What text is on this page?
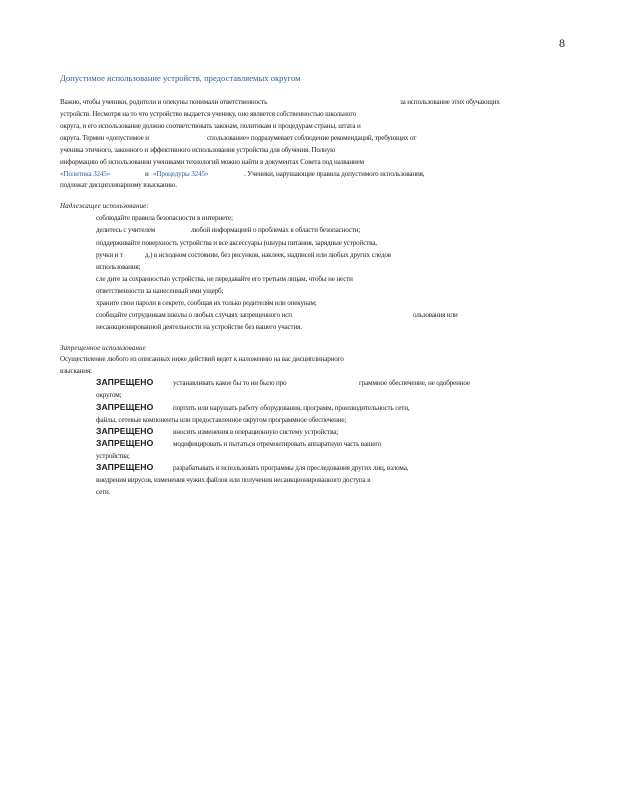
8
Допустимое использование устройств, предоставляемых округом
Важно, чтобы ученики, родители и опекуны понимали ответственность	за использование этих обучающих
устройств. Несмотря на то что устройство выдается ученику, оно является собственностью школьного
округа, и его использование должно соответствовать законам, политикам и процедурам страны, штата и
округа. Термин «допустимое и	спользование» подразумевает соблюдение рекомендаций, требующих от
ученика этичного, законного и эффективного использования устройства для обучения. Полную
информацию об использовании учениками технологий можно найти в документах Совета под названием
«Политика 3245»	и «Процедуры 3245»	. Ученики, нарушающие правила допустимого использования,
подлежат дисциплинарному взысканию.
Надлежащее использование:
соблюдайте правила безопасности в интернете;
делитесь с учителем	любой информацией о проблемах в области безопасности;
поддерживайте поверхность устройства и все аксессуары (шнуры питания, зарядные устройства,
ручки и т	д.) в исходном состоянии, без рисунков, наклеек, надписей или любых других следов
использования;
сле дите за сохранностью устройства, не передавайте его третьим лицам, чтобы не нести
ответственности за нанесенный ими ущерб;
храните свои пароли в секрете, сообщая их только родителям или опекунам;
сообщайте сотрудникам школы о любых случаях запрещенного исп	ользования или
несанкционированной деятельности на устройстве без вашего участия.
Запрещенное использование
Осуществление любого из описанных ниже действий ведет к наложению на вас дисциплинарного
взыскания:
ЗАПРЕЩЕНО	устанавливать какое бы то ни было про	граммное обеспечение, не одобренное
округом;
ЗАПРЕЩЕНО	портить или нарушать работу оборудования, программ, производительность сети,
файлы, сетевые компоненты или предоставленное округом программное обеспечение;
ЗАПРЕЩЕНО	вносить изменения в операционную систему устройства;
ЗАПРЕЩЕНО	модифицировать и пытаться отремонтировать аппаратную часть вашего
устройства;
ЗАПРЕЩЕНО	разрабатывать и использовать программы для преследования других лиц, взлома,
внедрения вирусов, изменения чужих файлов или получения несанкционированного доступа в
сети.
